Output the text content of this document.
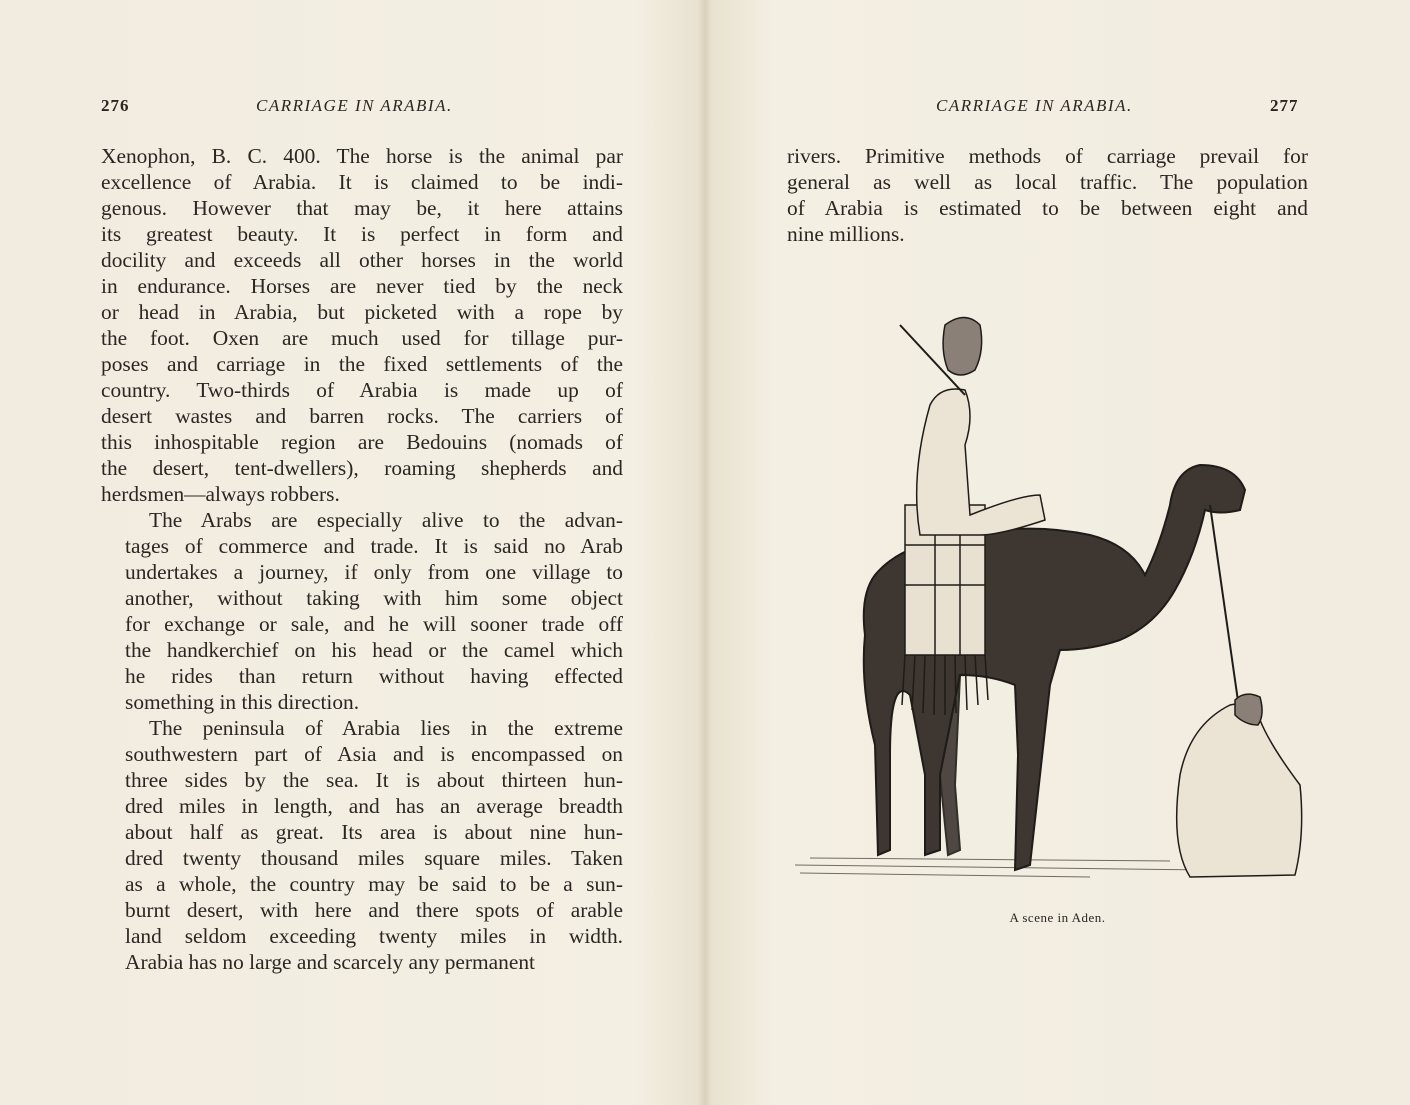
276	CARRIAGE IN ARABIA.

Xenophon, B. C. 400. The horse is the animal par
excellence of Arabia. It is claimed to be indi-
genous. However that may be, it here attains
its greatest beauty. It is perfect in form and
docility and exceeds all other horses in the world
in endurance. Horses are never tied by the neck
or head in Arabia, but picketed with a rope by
the foot. Oxen are much used for tillage pur-
poses and carriage in the fixed settlements of the
country. Two-thirds of Arabia is made up of
desert wastes and barren rocks. The carriers of
this inhospitable region are Bedouins (nomads of
the desert, tent-dwellers), roaming shepherds and
herdsmen—always robbers.

The Arabs are especially alive to the advan-
tages of commerce and trade. It is said no Arab
undertakes a journey, if only from one village to
another, without taking with him some object
for exchange or sale, and he will sooner trade off
the handkerchief on his head or the camel which
he rides than return without having effected
something in this direction.

The peninsula of Arabia lies in the extreme
southwestern part of Asia and is encompassed on
three sides by the sea. It is about thirteen hun-
dred miles in length, and has an average breadth
about half as great. Its area is about nine hun-
dred twenty thousand miles square miles. Taken
as a whole, the country may be said to be a sun-
burnt desert, with here and there spots of arable
land seldom exceeding twenty miles in width.
Arabia has no large and scarcely any permanent

CARRIAGE IN ARABIA.	277

rivers. Primitive methods of carriage prevail for
general as well as local traffic. The population
of Arabia is estimated to be between eight and
nine millions.

A scene in Aden.
